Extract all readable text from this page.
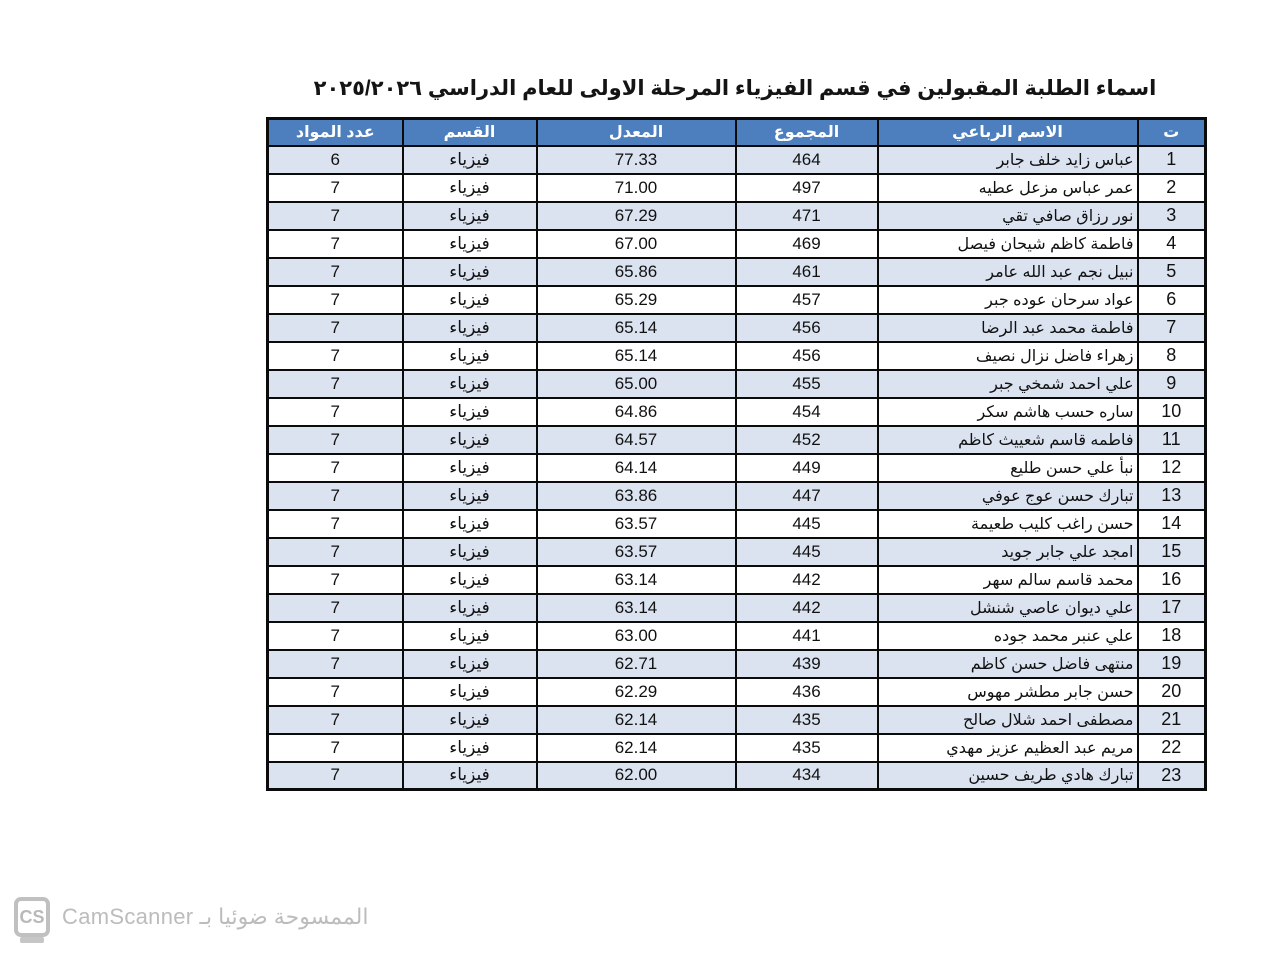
اسماء الطلبة المقبولين في قسم الفيزياء المرحلة الاولى للعام الدراسي ٢٠٢٥/٢٠٢٦
ت	الاسم الرباعي	المجموع	المعدل	القسم	عدد المواد
1	عباس زايد خلف جابر	464	77.33	فيزياء	6
2	عمر عباس مزعل عطيه	497	71.00	فيزياء	7
3	نور رزاق صافي تقي	471	67.29	فيزياء	7
4	فاطمة كاظم شيحان فيصل	469	67.00	فيزياء	7
5	نبيل نجم عبد الله عامر	461	65.86	فيزياء	7
6	عواد سرحان عوده جبر	457	65.29	فيزياء	7
7	فاطمة محمد عبد الرضا	456	65.14	فيزياء	7
8	زهراء فاضل نزال نصيف	456	65.14	فيزياء	7
9	علي احمد شمخي جبر	455	65.00	فيزياء	7
10	ساره حسب هاشم سكر	454	64.86	فيزياء	7
11	فاطمه قاسم شعييث كاظم	452	64.57	فيزياء	7
12	نبأ علي حسن طليع	449	64.14	فيزياء	7
13	تبارك حسن عوج عوفي	447	63.86	فيزياء	7
14	حسن راغب كليب طعيمة	445	63.57	فيزياء	7
15	امجد علي جابر جويد	445	63.57	فيزياء	7
16	محمد قاسم سالم سهر	442	63.14	فيزياء	7
17	علي ديوان عاصي شنشل	442	63.14	فيزياء	7
18	علي عنبر محمد جوده	441	63.00	فيزياء	7
19	منتهى فاضل حسن كاظم	439	62.71	فيزياء	7
20	حسن جابر مطشر مهوس	436	62.29	فيزياء	7
21	مصطفى احمد شلال صالح	435	62.14	فيزياء	7
22	مريم عبد العظيم عزيز مهدي	435	62.14	فيزياء	7
23	تبارك هادي طريف حسين	434	62.00	فيزياء	7
CS الممسوحة ضوئيا بـ CamScanner
